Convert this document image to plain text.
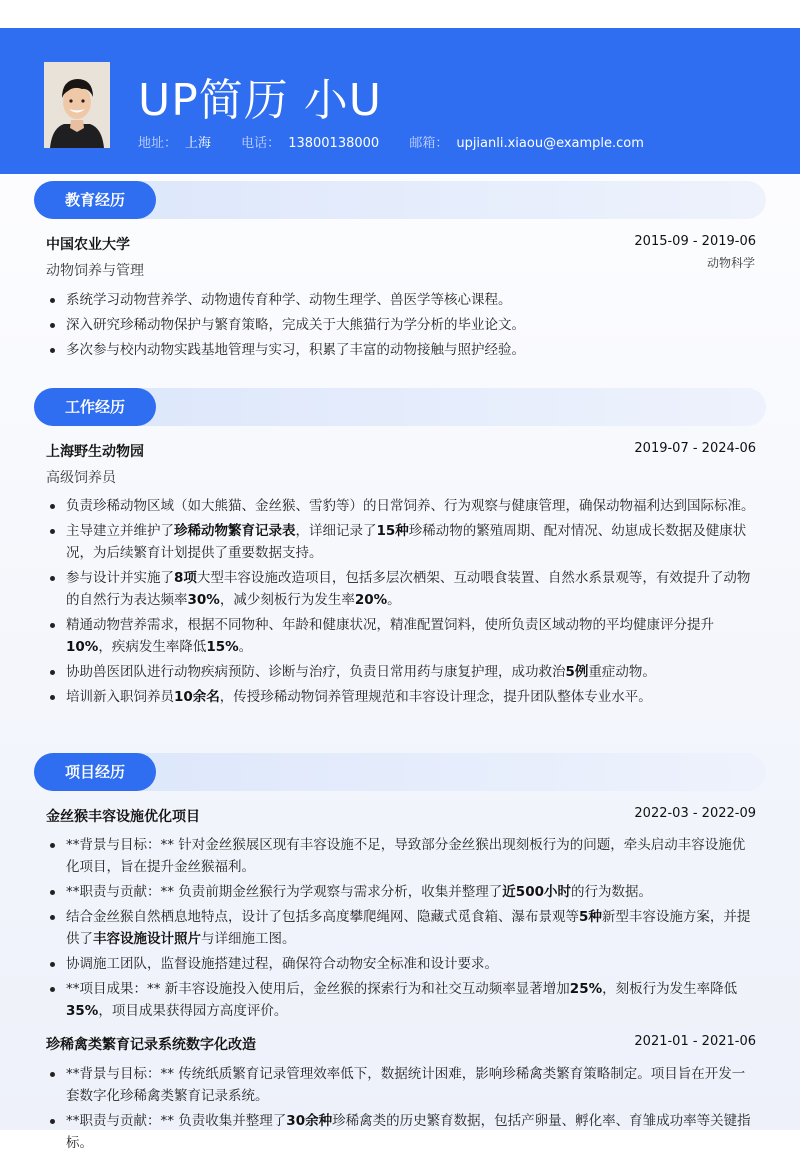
UP简历 小U
地址： 上海 电话： 13800138000 邮箱： upjianli.xiaou@example.com
教育经历
中国农业大学	2015-09 - 2019-06
动物饲养与管理	动物科学
系统学习动物营养学、动物遗传育种学、动物生理学、兽医学等核心课程。
深入研究珍稀动物保护与繁育策略，完成关于大熊猫行为学分析的毕业论文。
多次参与校内动物实践基地管理与实习，积累了丰富的动物接触与照护经验。
工作经历
上海野生动物园	2019-07 - 2024-06
高级饲养员
负责珍稀动物区域（如大熊猫、金丝猴、雪豹等）的日常饲养、行为观察与健康管理，确保动物福利达到国际标准。
主导建立并维护了珍稀动物繁育记录表，详细记录了15种珍稀动物的繁殖周期、配对情况、幼崽成长数据及健康状况，为后续繁育计划提供了重要数据支持。
参与设计并实施了8项大型丰容设施改造项目，包括多层次栖架、互动喂食装置、自然水系景观等，有效提升了动物的自然行为表达频率30%，减少刻板行为发生率20%。
精通动物营养需求，根据不同物种、年龄和健康状况，精准配置饲料，使所负责区域动物的平均健康评分提升10%，疾病发生率降低15%。
协助兽医团队进行动物疾病预防、诊断与治疗，负责日常用药与康复护理，成功救治5例重症动物。
培训新入职饲养员10余名，传授珍稀动物饲养管理规范和丰容设计理念，提升团队整体专业水平。
项目经历
金丝猴丰容设施优化项目	2022-03 - 2022-09
**背景与目标：** 针对金丝猴展区现有丰容设施不足，导致部分金丝猴出现刻板行为的问题，牵头启动丰容设施优化项目，旨在提升金丝猴福利。
**职责与贡献：** 负责前期金丝猴行为学观察与需求分析，收集并整理了近500小时的行为数据。
结合金丝猴自然栖息地特点，设计了包括多高度攀爬绳网、隐藏式觅食箱、瀑布景观等5种新型丰容设施方案，并提供了丰容设施设计照片与详细施工图。
协调施工团队，监督设施搭建过程，确保符合动物安全标准和设计要求。
**项目成果：** 新丰容设施投入使用后，金丝猴的探索行为和社交互动频率显著增加25%，刻板行为发生率降低35%，项目成果获得园方高度评价。
珍稀禽类繁育记录系统数字化改造	2021-01 - 2021-06
**背景与目标：** 传统纸质繁育记录管理效率低下，数据统计困难，影响珍稀禽类繁育策略制定。项目旨在开发一套数字化珍稀禽类繁育记录系统。
**职责与贡献：** 负责收集并整理了30余种珍稀禽类的历史繁育数据，包括产卵量、孵化率、育雏成功率等关键指标。
